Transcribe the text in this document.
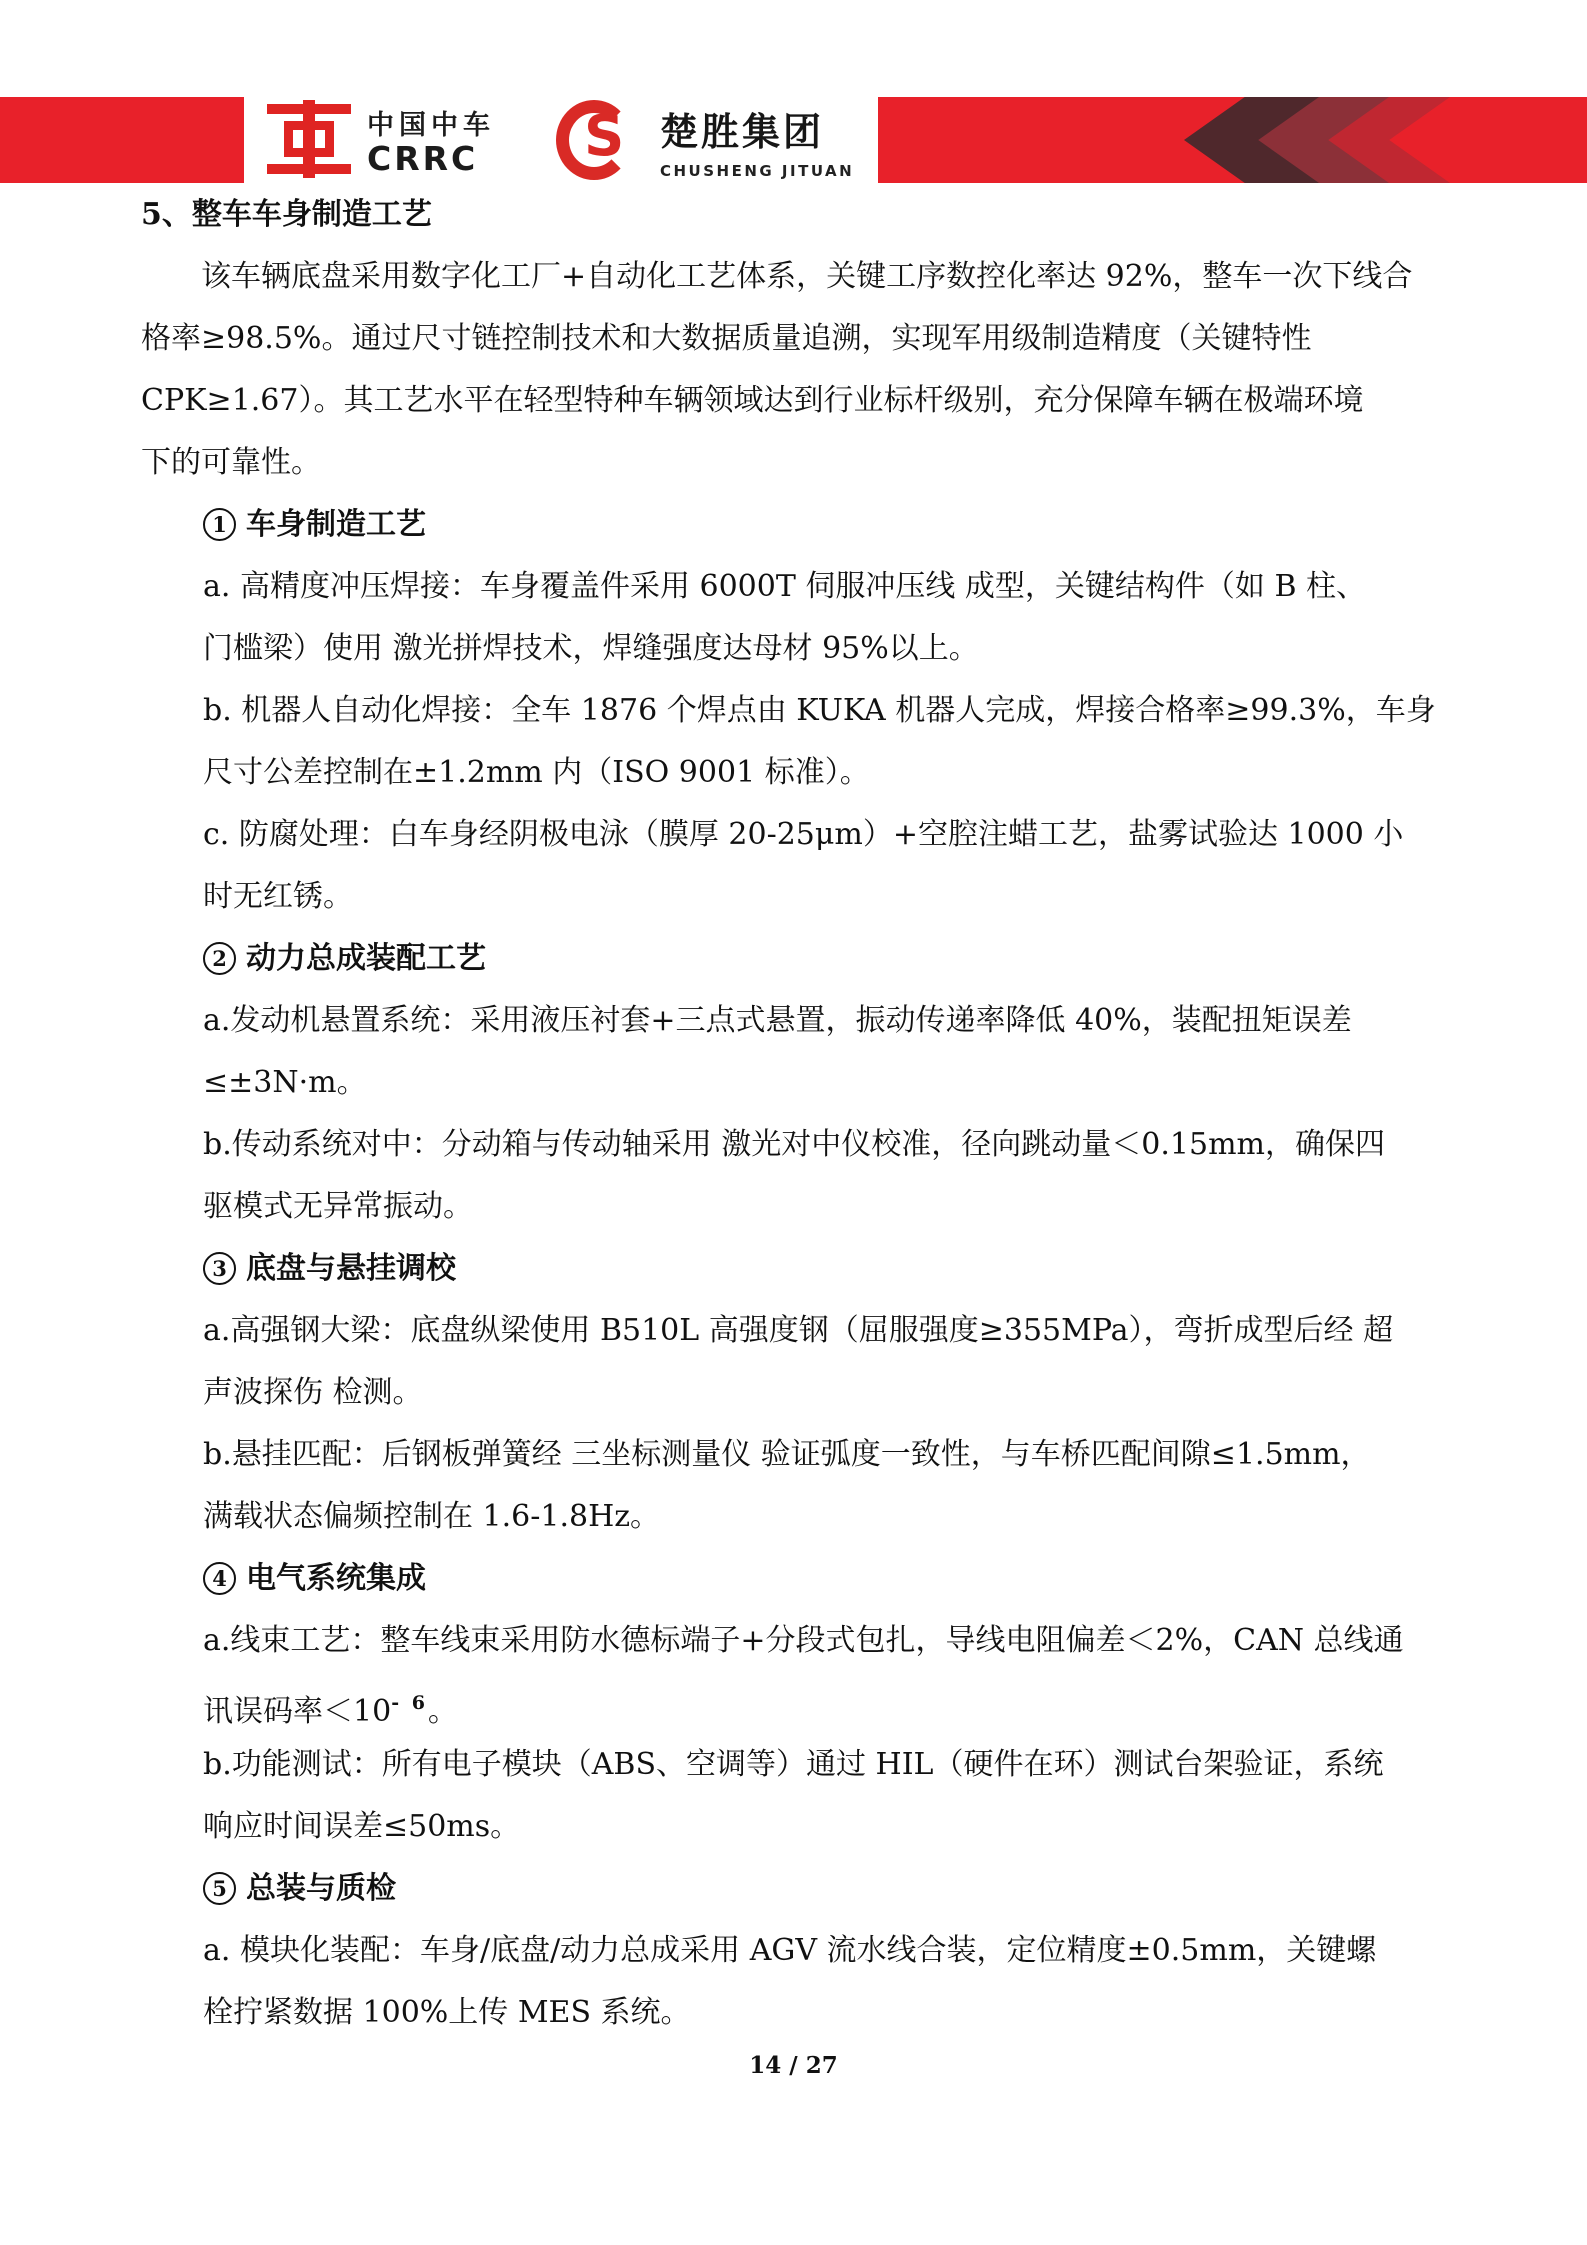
中国中车
CRRC S 楚胜集团
CHUSHENG JITUAN
5、整车车身制造工艺
该车辆底盘采用数字化工厂+自动化工艺体系，关键工序数控化率达 92%，整车一次下线合
格率≥98.5%。通过尺寸链控制技术和大数据质量追溯，实现军用级制造精度（关键特性
CPK≥1.67）。其工艺水平在轻型特种车辆领域达到行业标杆级别，充分保障车辆在极端环境
下的可靠性。
1 车身制造工艺
a. 高精度冲压焊接：车身覆盖件采用 6000T 伺服冲压线 成型，关键结构件（如 B 柱、
门槛梁）使用 激光拼焊技术，焊缝强度达母材 95%以上。
b. 机器人自动化焊接：全车 1876 个焊点由 KUKA 机器人完成，焊接合格率≥99.3%，车身
尺寸公差控制在±1.2mm 内（ISO 9001 标准）。
c. 防腐处理：白车身经阴极电泳（膜厚 20-25μm）+空腔注蜡工艺，盐雾试验达 1000 小
时无红锈。
2 动力总成装配工艺
a.发动机悬置系统：采用液压衬套+三点式悬置，振动传递率降低 40%，装配扭矩误差
≤±3N·m。
b.传动系统对中：分动箱与传动轴采用 激光对中仪校准，径向跳动量＜0.15mm，确保四
驱模式无异常振动。
3 底盘与悬挂调校
a.高强钢大梁：底盘纵梁使用 B510L 高强度钢（屈服强度≥355MPa），弯折成型后经 超
声波探伤 检测。
b.悬挂匹配：后钢板弹簧经 三坐标测量仪 验证弧度一致性，与车桥匹配间隙≤1.5mm，
满载状态偏频控制在 1.6-1.8Hz。
4 电气系统集成
a.线束工艺：整车线束采用防水德标端子+分段式包扎，导线电阻偏差＜2%，CAN 总线通
讯误码率$<10^{- 6}$。
b.功能测试：所有电子模块（ABS、空调等）通过 HIL（硬件在环）测试台架验证，系统
响应时间误差≤50ms。
5 总装与质检
a. 模块化装配：车身/底盘/动力总成采用 AGV 流水线合装，定位精度±0.5mm，关键螺
栓拧紧数据 100%上传 MES 系统。
14 / 27
